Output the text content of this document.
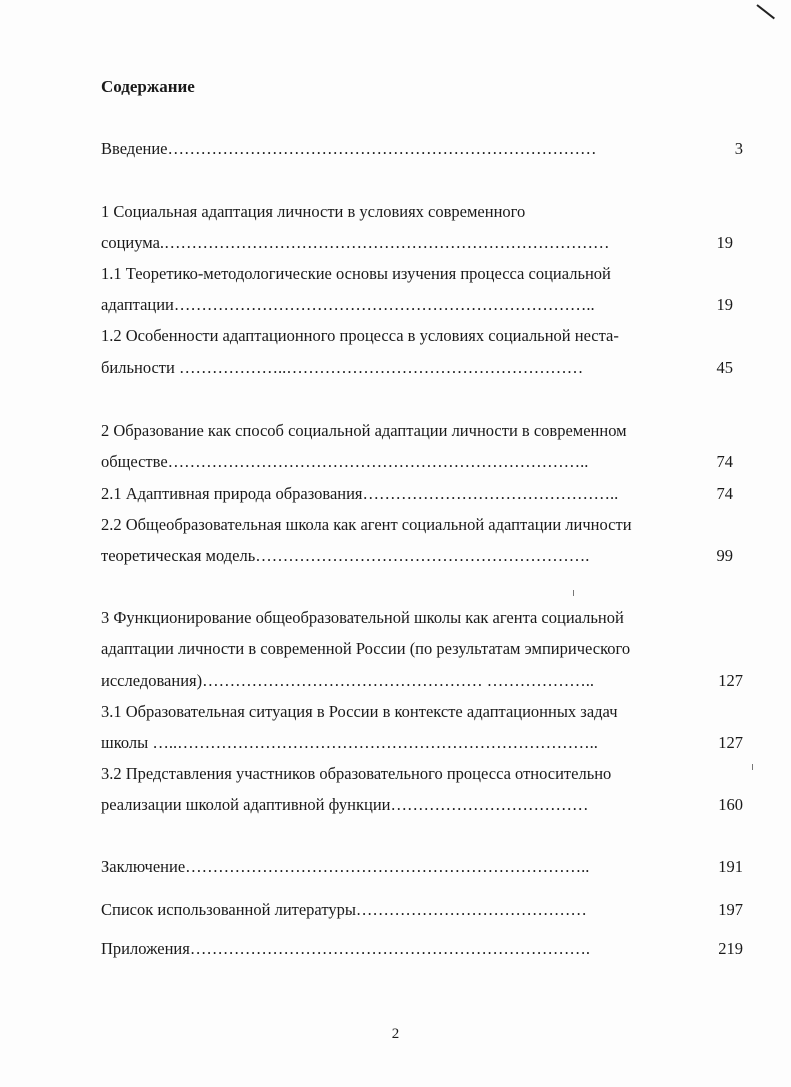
Содержание
Введение……………………………………………………………………	3
1 Социальная адаптация личности в условиях современного
социума.………………………………………………………………………	19
1.1 Теоретико-методологические основы изучения процесса социальной
адаптации…………………………………………………………………..	19
1.2 Особенности адаптационного процесса в условиях социальной неста-
бильности ………………..………………………………………………	45
2 Образование как способ социальной адаптации личности в современном
обществе…………………………………………………………………..	74
2.1 Адаптивная природа образования………………………………………..	74
2.2 Общеобразовательная школа как агент социальной адаптации личности
теоретическая модель…………………………………………………….	99
3 Функционирование общеобразовательной школы как агента социальной
адаптации личности в современной России (по результатам эмпирического
исследования)…………………………………………… ………………..	127
3.1 Образовательная ситуация в России в контексте адаптационных задач
школы …..…………………………………………………………………..	127
3.2 Представления участников образовательного процесса относительно
реализации школой адаптивной функции………………………………	160
Заключение………………………………………………………………..	191
Список использованной литературы……………………………………	197
Приложения……………………………………………………………….	219
2
